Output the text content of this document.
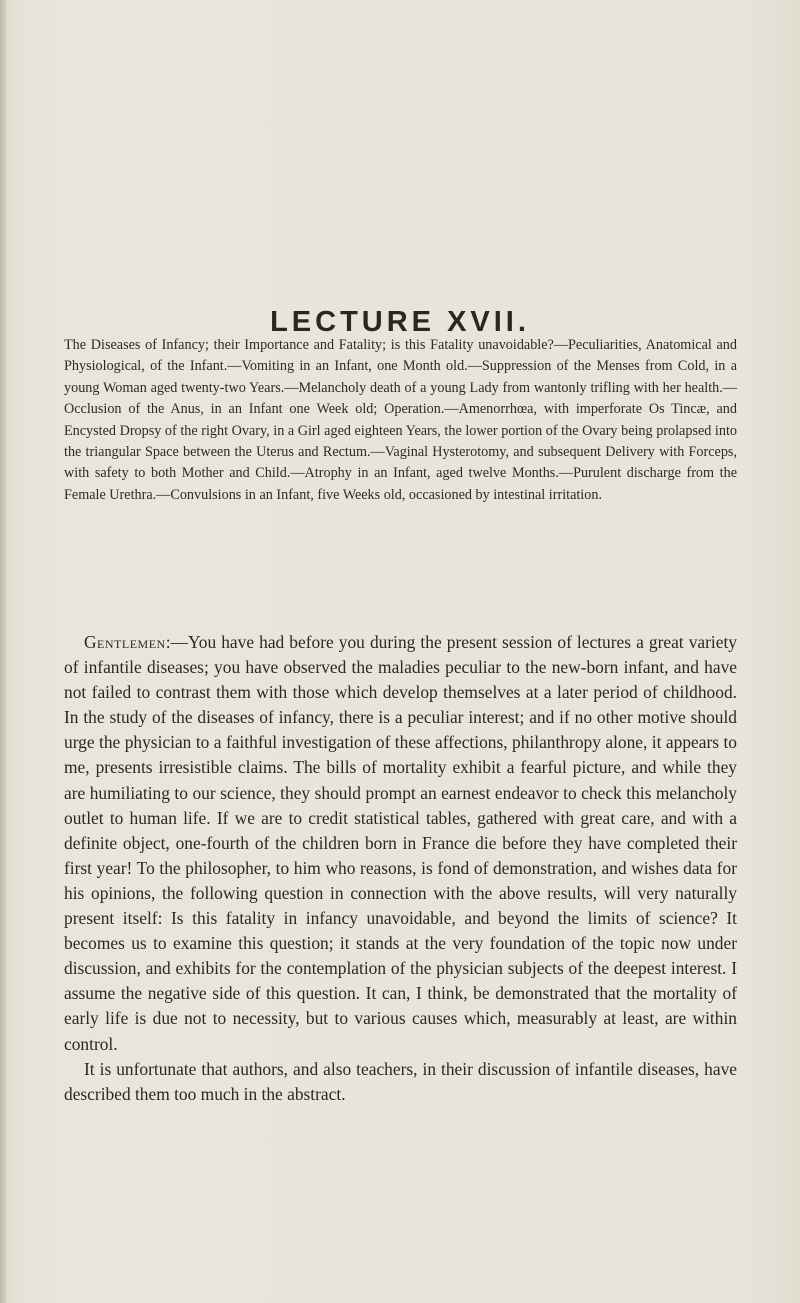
LECTURE XVII.

The Diseases of Infancy; their Importance and Fatality; is this Fatality unavoidable?—Peculiarities, Anatomical and Physiological, of the Infant.—Vomiting in an Infant, one Month old.—Suppression of the Menses from Cold, in a young Woman aged twenty-two Years.—Melancholy death of a young Lady from wantonly trifling with her health.—Occlusion of the Anus, in an Infant one Week old; Operation.—Amenorrhœa, with imperforate Os Tincæ, and Encysted Dropsy of the right Ovary, in a Girl aged eighteen Years, the lower portion of the Ovary being prolapsed into the triangular Space between the Uterus and Rectum.—Vaginal Hysterotomy, and subsequent Delivery with Forceps, with safety to both Mother and Child.—Atrophy in an Infant, aged twelve Months.—Purulent discharge from the Female Urethra.—Convulsions in an Infant, five Weeks old, occasioned by intestinal irritation.

Gentlemen:—You have had before you during the present session of lectures a great variety of infantile diseases; you have observed the maladies peculiar to the new-born infant, and have not failed to contrast them with those which develop themselves at a later period of childhood. In the study of the diseases of infancy, there is a peculiar interest; and if no other motive should urge the physician to a faithful investigation of these affections, philanthropy alone, it appears to me, presents irresistible claims. The bills of mortality exhibit a fearful picture, and while they are humiliating to our science, they should prompt an earnest endeavor to check this melancholy outlet to human life. If we are to credit statistical tables, gathered with great care, and with a definite object, one-fourth of the children born in France die before they have completed their first year! To the philosopher, to him who reasons, is fond of demonstration, and wishes data for his opinions, the following question in connection with the above results, will very naturally present itself: Is this fatality in infancy unavoidable, and beyond the limits of science? It becomes us to examine this question; it stands at the very foundation of the topic now under discussion, and exhibits for the contemplation of the physician subjects of the deepest interest. I assume the negative side of this question. It can, I think, be demonstrated that the mortality of early life is due not to necessity, but to various causes which, measurably at least, are within control.

It is unfortunate that authors, and also teachers, in their discussion of infantile diseases, have described them too much in the abstract.
